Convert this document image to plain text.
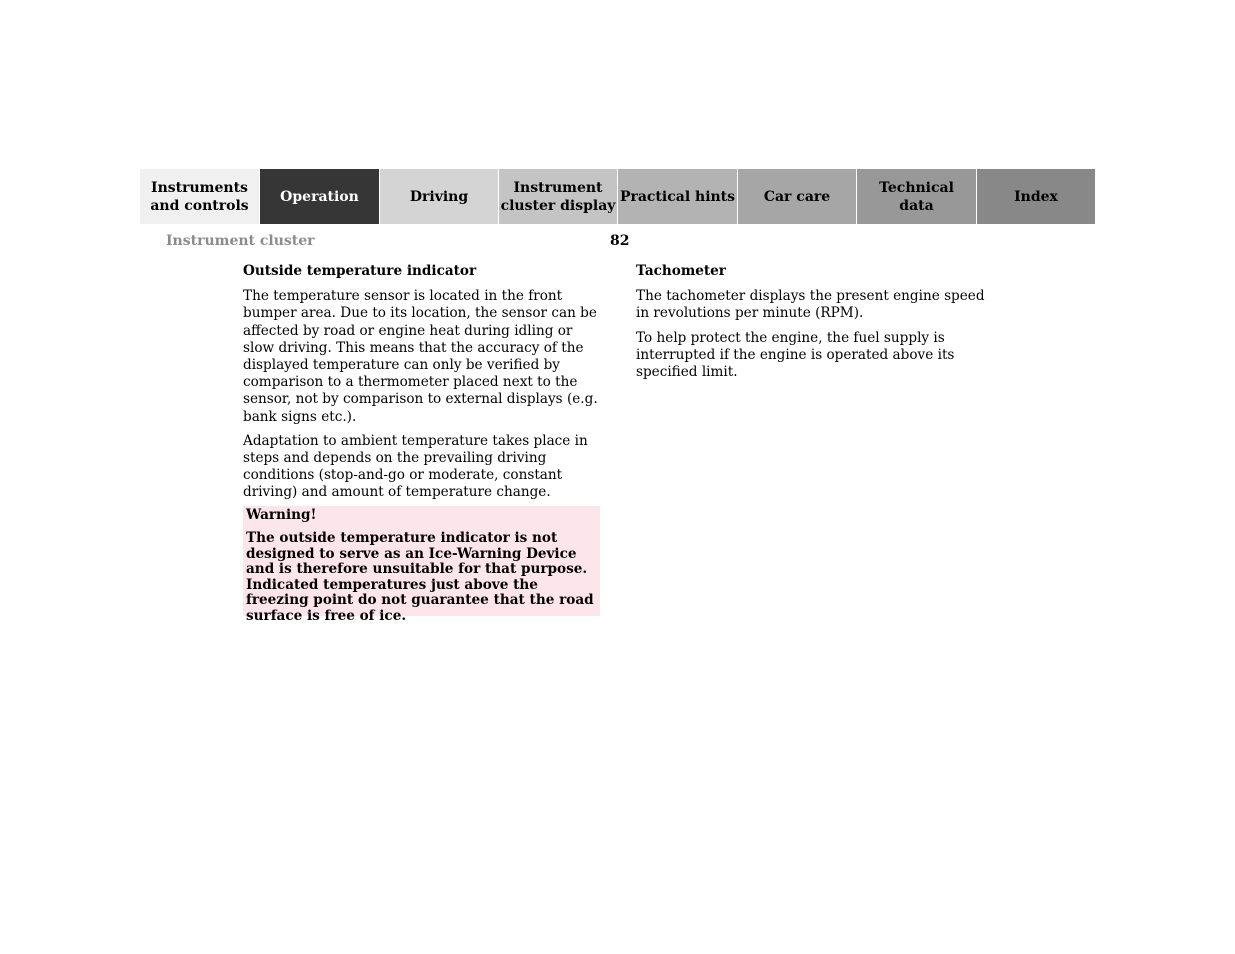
Instruments
and controls
Operation	Driving
Instrument
cluster display
Practical hints	Car care
Technical
data
Index
Instrument cluster	82
Outside temperature indicator

The temperature sensor is located in the front bumper area. Due to its location, the sensor can be affected by road or engine heat during idling or slow driving. This means that the accuracy of the displayed temperature can only be verified by comparison to a thermometer placed next to the sensor, not by comparison to external displays (e.g. bank signs etc.).

Adaptation to ambient temperature takes place in steps and depends on the prevailing driving conditions (stop-and-go or moderate, constant driving) and amount of temperature change.

Warning!
The outside temperature indicator is not designed to serve as an Ice-Warning Device and is therefore unsuitable for that purpose. Indicated temperatures just above the freezing point do not guarantee that the road surface is free of ice.
Tachometer

The tachometer displays the present engine speed in revolutions per minute (RPM).

To help protect the engine, the fuel supply is interrupted if the engine is operated above its specified limit.
